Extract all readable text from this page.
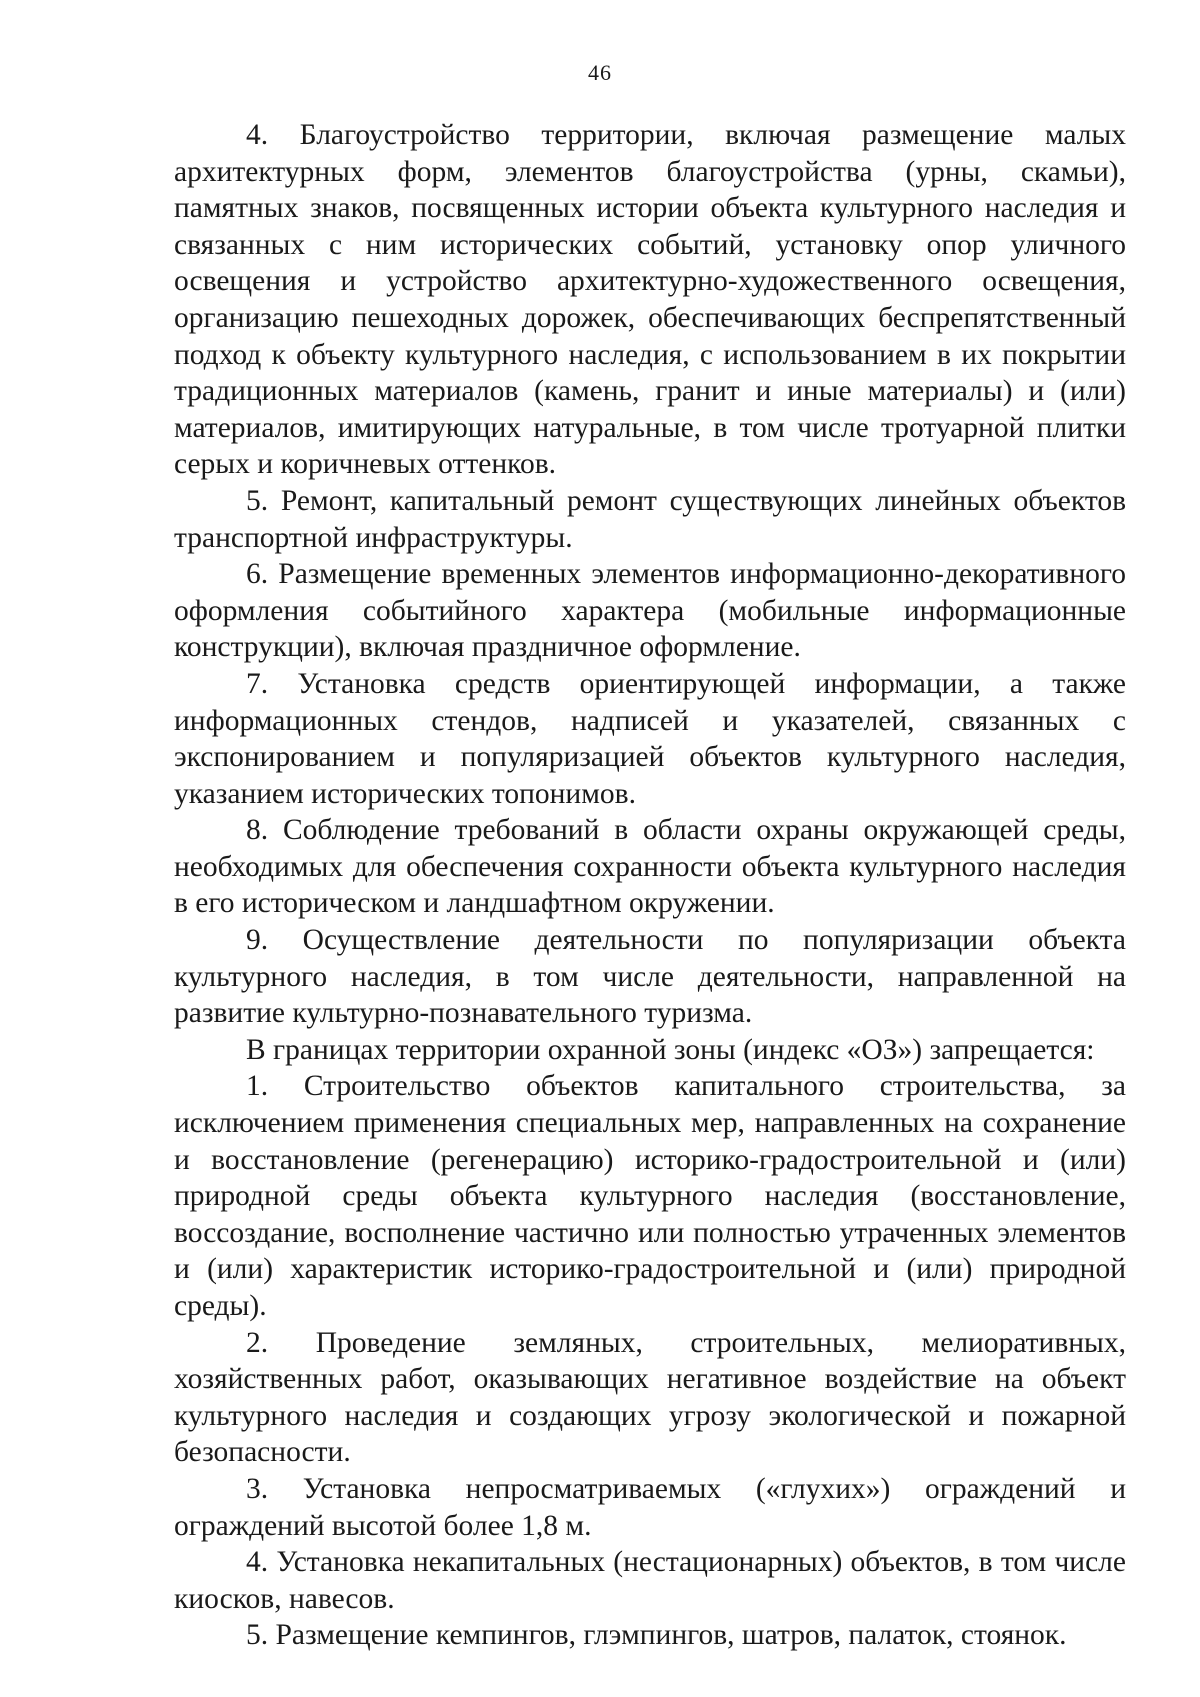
46

4. Благоустройство территории, включая размещение малых архитектурных форм, элементов благоустройства (урны, скамьи), памятных знаков, посвященных истории объекта культурного наследия и связанных с ним исторических событий, установку опор уличного освещения и устройство архитектурно-художественного освещения, организацию пешеходных дорожек, обеспечивающих беспрепятственный подход к объекту культурного наследия, с использованием в их покрытии традиционных материалов (камень, гранит и иные материалы) и (или) материалов, имитирующих натуральные, в том числе тротуарной плитки серых и коричневых оттенков.

5. Ремонт, капитальный ремонт существующих линейных объектов транспортной инфраструктуры.

6. Размещение временных элементов информационно-декоративного оформления событийного характера (мобильные информационные конструкции), включая праздничное оформление.

7. Установка средств ориентирующей информации, а также информационных стендов, надписей и указателей, связанных с экспонированием и популяризацией объектов культурного наследия, указанием исторических топонимов.

8. Соблюдение требований в области охраны окружающей среды, необходимых для обеспечения сохранности объекта культурного наследия в его историческом и ландшафтном окружении.

9. Осуществление деятельности по популяризации объекта культурного наследия, в том числе деятельности, направленной на развитие культурно-познавательного туризма.

В границах территории охранной зоны (индекс «ОЗ») запрещается:

1. Строительство объектов капитального строительства, за исключением применения специальных мер, направленных на сохранение и восстановление (регенерацию) историко-градостроительной и (или) природной среды объекта культурного наследия (восстановление, воссоздание, восполнение частично или полностью утраченных элементов и (или) характеристик историко-градостроительной и (или) природной среды).

2. Проведение земляных, строительных, мелиоративных, хозяйственных работ, оказывающих негативное воздействие на объект культурного наследия и создающих угрозу экологической и пожарной безопасности.

3. Установка непросматриваемых («глухих») ограждений и ограждений высотой более 1,8 м.

4. Установка некапитальных (нестационарных) объектов, в том числе киосков, навесов.

5. Размещение кемпингов, глэмпингов, шатров, палаток, стоянок.
